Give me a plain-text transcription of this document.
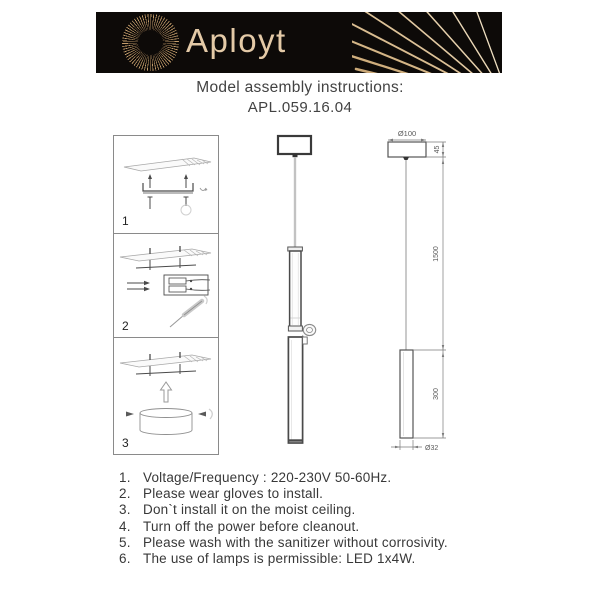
Aployt
Model assembly instructions:
APL.059.16.04
1
2
3
Ø100
45
1500
300
Ø32
1. Voltage/Frequency : 220-230V 50-60Hz.
2. Please wear gloves to install.
3. Don`t install it on the moist ceiling.
4. Turn off the power before cleanout.
5. Please wash with the sanitizer without corrosivity.
6. The use of lamps is permissible: LED 1x4W.
